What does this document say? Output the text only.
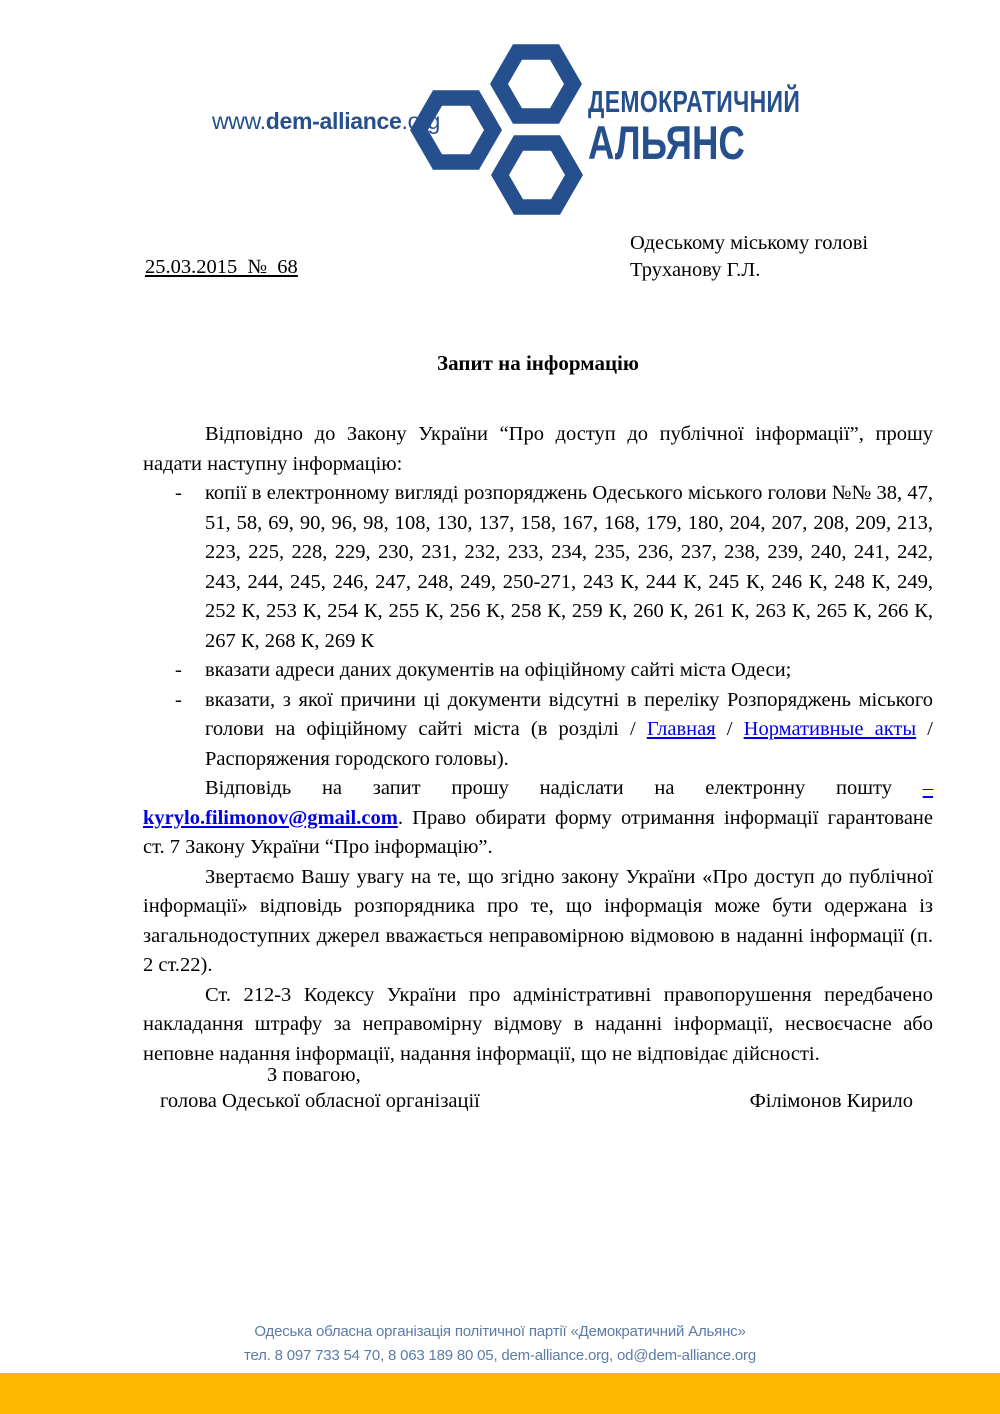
ДЕМОКРАТИЧНИЙ
АЛЬЯНС
www.dem-alliance.org
25.03.2015  №  68
Одеському міському голові
Труханову Г.Л.
Запит на інформацію

Відповідно до Закону України “Про доступ до публічної інформації”, прошу надати наступну інформацію:

- копії в електронному вигляді розпоряджень Одеського міського голови №№ 38, 47, 51, 58, 69, 90, 96, 98, 108, 130, 137, 158, 167, 168, 179, 180, 204, 207, 208, 209, 213, 223, 225, 228, 229, 230, 231, 232, 233, 234, 235, 236, 237, 238, 239, 240, 241, 242, 243, 244, 245, 246, 247, 248, 249, 250-271, 243 К, 244 К, 245 К, 246 К, 248 К, 249, 252 К, 253 К, 254 К, 255 К, 256 К, 258 К, 259 К, 260 К, 261 К, 263 К, 265 К, 266 К, 267 К, 268 К, 269 К
- вказати адреси даних документів на офіційному сайті міста Одеси;
- вказати, з якої причини ці документи відсутні в переліку Розпоряджень міського голови на офіційному сайті міста (в розділі / Главная / Нормативные акты / Распоряжения городского головы).

Відповідь на запит прошу надіслати на електронну пошту – kyrylo.filimonov@gmail.com. Право обирати форму отримання інформації гарантоване ст. 7 Закону України “Про інформацію”.

Звертаємо Вашу увагу на те, що згідно закону України «Про доступ до публічної інформації» відповідь розпорядника про те, що інформація може бути одержана із загальнодоступних джерел вважається неправомірною відмовою в наданні інформації (п. 2 ст.22).

Ст. 212-3 Кодексу України про адміністративні правопорушення передбачено накладання штрафу за неправомірну відмову в наданні інформації, несвоєчасне або неповне надання інформації, надання інформації, що не відповідає дійсності.

З повагою,
голова Одеської обласної організації	Філімонов Кирило
Одеська обласна організація політичної партії «Демократичний Альянс»
тел. 8 097 733 54 70, 8 063 189 80 05, dem-alliance.org, od@dem-alliance.org
